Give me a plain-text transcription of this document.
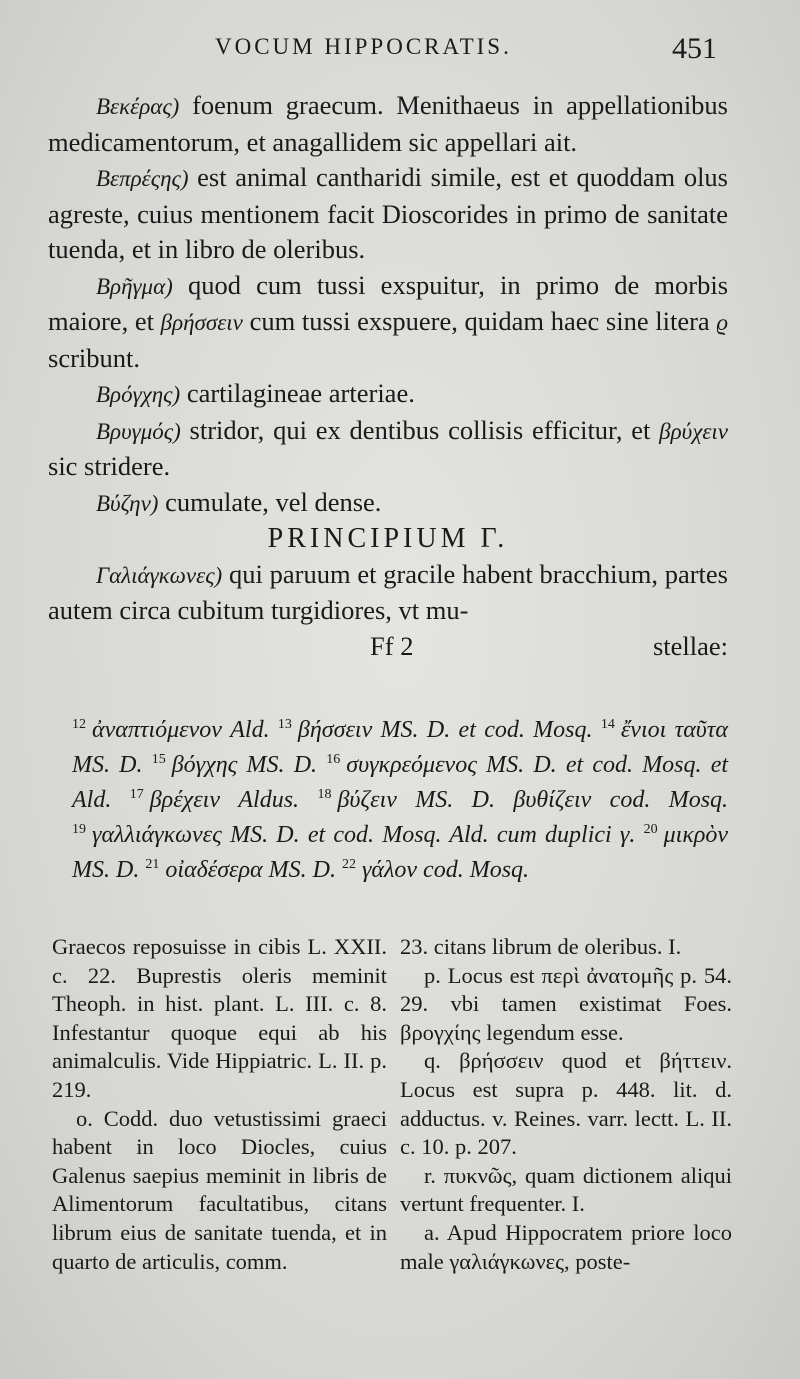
VOCUM HIPPOCRATIS.	451

Βεκέρας) foenum graecum. Menithaeus in appellationibus medicamentorum, et anagallidem sic appellari ait.

Βεπρέςης) est animal cantharidi simile, est et quoddam olus agreste, cuius mentionem facit Dioscorides in primo de sanitate tuenda, et in libro de oleribus.

Βρῆγμα) quod cum tussi exspuitur, in primo de morbis maiore, et βρήσσειν cum tussi exspuere, quidam haec sine litera ϱ scribunt.

Βρόγχης) cartilagineae arteriae.

Βρυγμός) stridor, qui ex dentibus collisis efficitur, et βρύχειν sic stridere.

Βύζην) cumulate, vel dense.

PRINCIPIUM Γ.

Γαλιάγκωνες) qui paruum et gracile habent bracchium, partes autem circa cubitum turgidiores, vt mu-

Ff 2	stellae:
$^{12}$ ἀναπτιόμενον Ald. $^{13}$ βήσσειν MS. D. et cod. Mosq. $^{14}$ ἔνιοι ταῦτα MS. D. $^{15}$ βόγχης MS. D. $^{16}$ συγκρεόμενος MS. D. et cod. Mosq. et Ald. $^{17}$ βρέχειν Aldus. $^{18}$ βύζειν MS. D. βυθίζειν cod. Mosq. $^{19}$ γαλλιάγκωνες MS. D. et cod. Mosq. Ald. cum duplici γ. $^{20}$ μικρὸν MS. D. $^{21}$ οἰαδέσερα MS. D. $^{22}$ γάλον cod. Mosq.

Graecos reposuisse in cibis L. XXII. c. 22. Buprestis oleris meminit Theoph. in hist. plant. L. III. c. 8. Infestantur quoque equi ab his animalculis. Vide Hippiatric. L. II. p. 219.

o. Codd. duo vetustissimi graeci habent in loco Diocles, cuius Galenus saepius meminit in libris de Alimentorum facultatibus, citans librum eius de sanitate tuenda, et in quarto de articulis, comm.

23. citans librum de oleribus. I.

p. Locus est περὶ ἀνατομῆς p. 54. 29. vbi tamen existimat Foes. βρογχίης legendum esse.

q. βρήσσειν quod et βήττειν. Locus est supra p. 448. lit. d. adductus. v. Reines. varr. lectt. L. II. c. 10. p. 207.

r. πυκνῶς, quam dictionem aliqui vertunt frequenter. I.

a. Apud Hippocratem priore loco male γαλιάγκωνες, poste-
